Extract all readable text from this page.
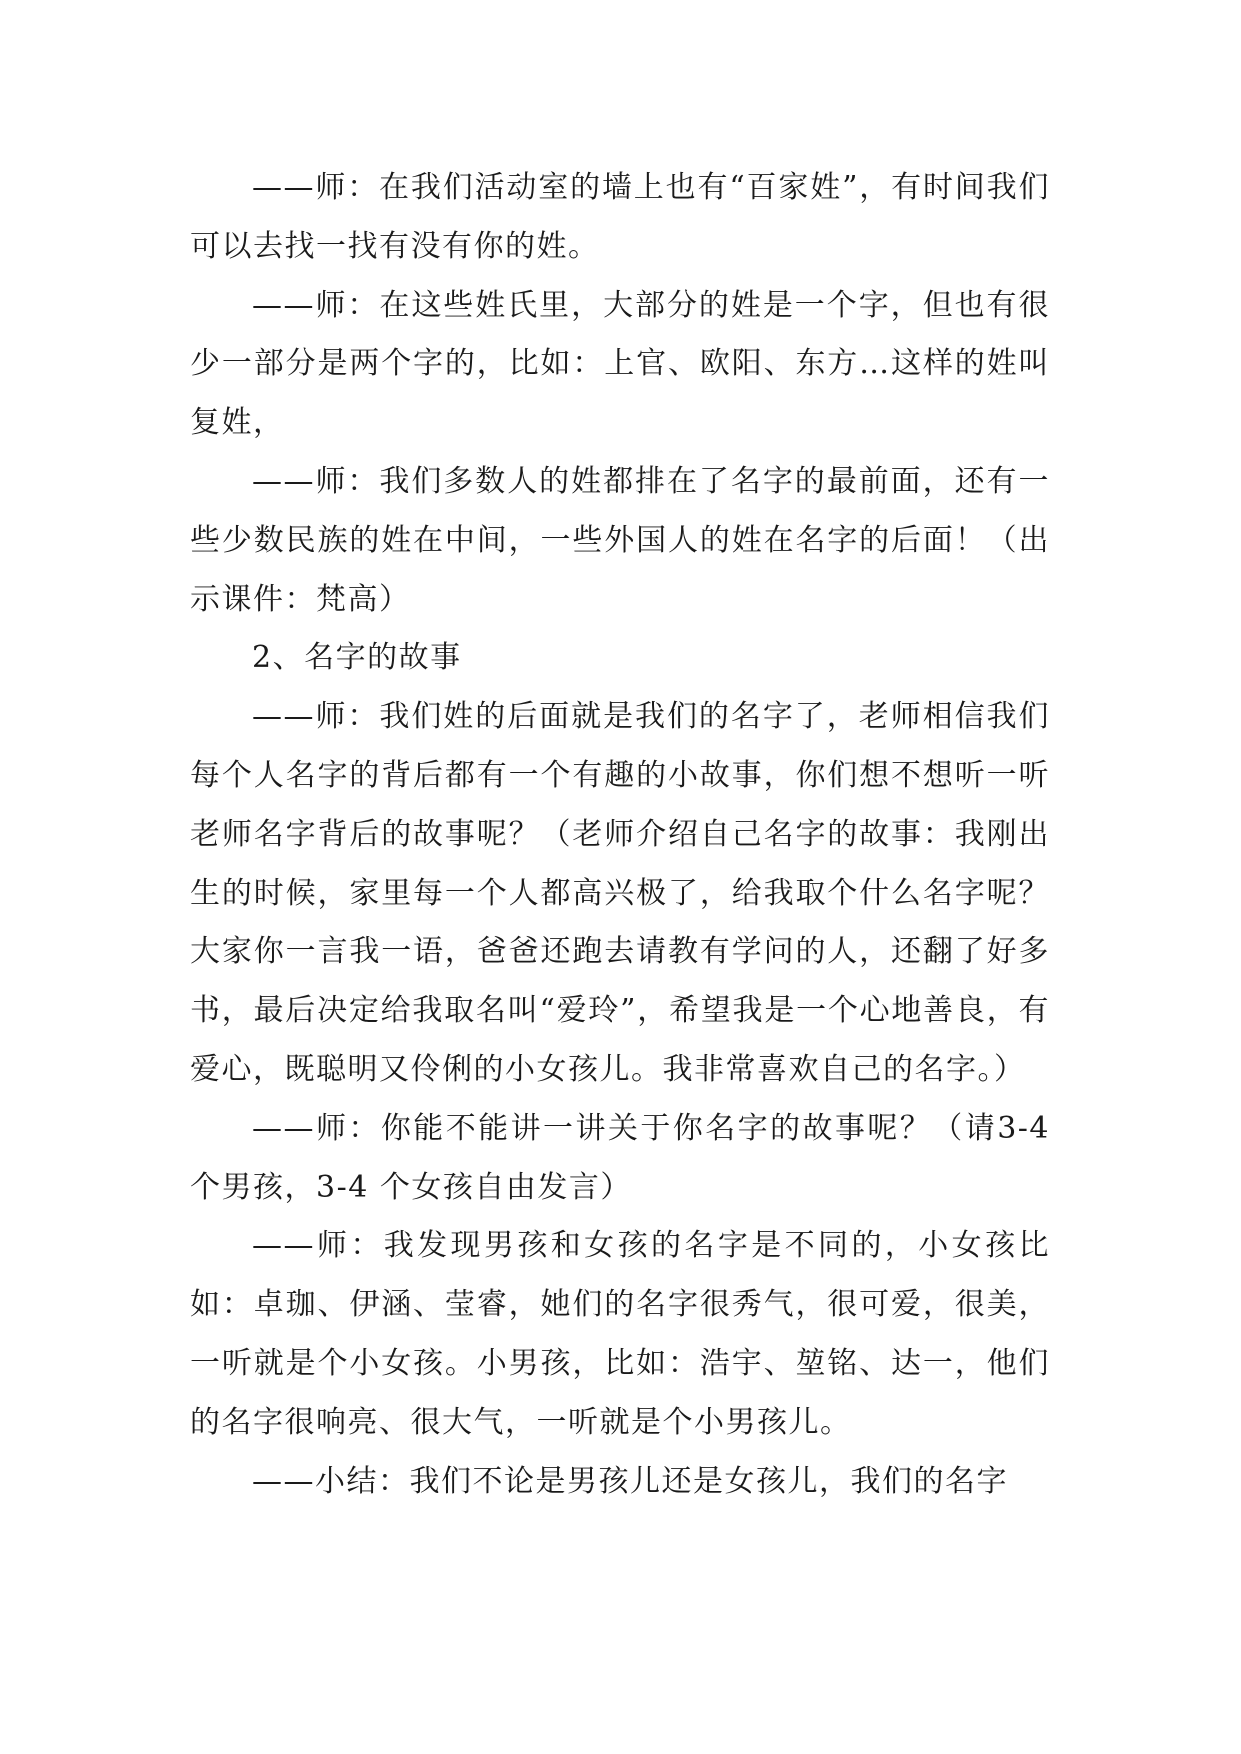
——师：在我们活动室的墙上也有“百家姓”，有时间我们可以去找一找有没有你的姓。

——师：在这些姓氏里，大部分的姓是一个字，但也有很少一部分是两个字的，比如：上官、欧阳、东方…这样的姓叫复姓，

——师：我们多数人的姓都排在了名字的最前面，还有一些少数民族的姓在中间，一些外国人的姓在名字的后面！（出示课件：梵高）

2、名字的故事

——师：我们姓的后面就是我们的名字了，老师相信我们每个人名字的背后都有一个有趣的小故事，你们想不想听一听老师名字背后的故事呢？（老师介绍自己名字的故事：我刚出生的时候，家里每一个人都高兴极了，给我取个什么名字呢？大家你一言我一语，爸爸还跑去请教有学问的人，还翻了好多书，最后决定给我取名叫“爱玲”，希望我是一个心地善良，有爱心，既聪明又伶俐的小女孩儿。我非常喜欢自己的名字。）

——师：你能不能讲一讲关于你名字的故事呢？（请3-4 个男孩，3-4 个女孩自由发言）

——师：我发现男孩和女孩的名字是不同的，小女孩比如：卓珈、伊涵、莹睿，她们的名字很秀气，很可爱，很美，一听就是个小女孩。小男孩，比如：浩宇、堃铭、达一，他们的名字很响亮、很大气，一听就是个小男孩儿。

——小结：我们不论是男孩儿还是女孩儿，我们的名字
